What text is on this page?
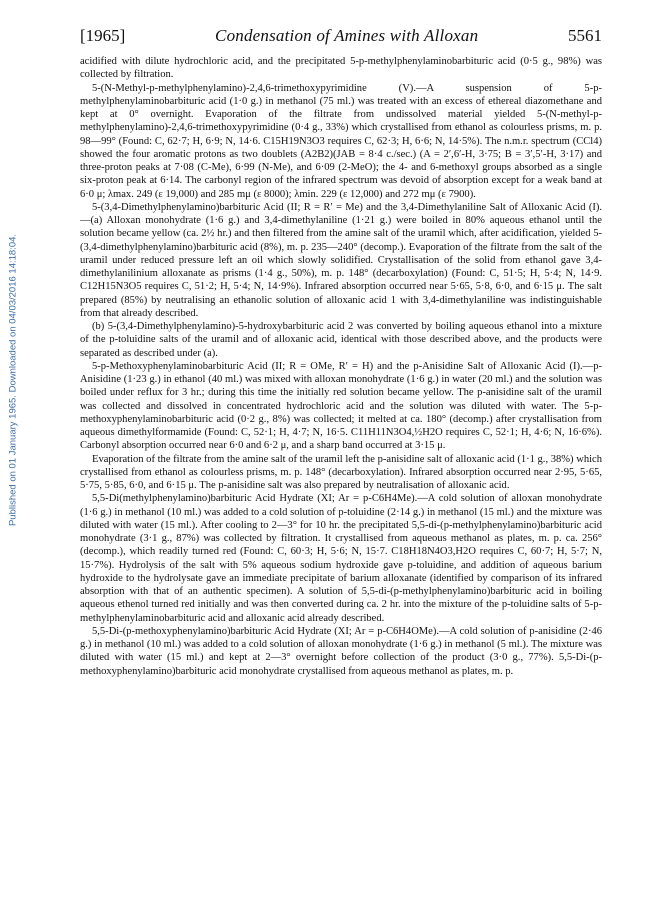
Published on 01 January 1965. Downloaded on 04/03/2016 14:18:04.
[1965]	Condensation of Amines with Alloxan	5561

acidified with dilute hydrochloric acid, and the precipitated 5-p-methylphenylaminobarbituric acid (0·5 g., 98%) was collected by filtration.

5-(N-Methyl-p-methylphenylamino)-2,4,6-trimethoxypyrimidine (V).—A suspension of 5-p-methylphenylaminobarbituric acid (1·0 g.) in methanol (75 ml.) was treated with an excess of ethereal diazomethane and kept at 0° overnight. Evaporation of the filtrate from undissolved material yielded 5-(N-methyl-p-methylphenylamino)-2,4,6-trimethoxypyrimidine (0·4 g., 33%) which crystallised from ethanol as colourless prisms, m. p. 98—99° (Found: C, 62·7; H, 6·9; N, 14·6. C15H19N3O3 requires C, 62·3; H, 6·6; N, 14·5%). The n.m.r. spectrum (CCl4) showed the four aromatic protons as two doublets (A2B2)(JAB = 8·4 c./sec.) (A = 2′,6′-H, 3·75; B = 3′,5′-H, 3·17) and three-proton peaks at 7·08 (C-Me), 6·99 (N-Me), and 6·09 (2-MeO); the 4- and 6-methoxyl groups absorbed as a single six-proton peak at 6·14. The carbonyl region of the infrared spectrum was devoid of absorption except for a weak band at 6·0 μ; λmax. 249 (ε 19,000) and 285 mμ (ε 8000); λmin. 229 (ε 12,000) and 272 mμ (ε 7900).

5-(3,4-Dimethylphenylamino)barbituric Acid (II; R = R′ = Me) and the 3,4-Dimethylaniline Salt of Alloxanic Acid (I).—(a) Alloxan monohydrate (1·6 g.) and 3,4-dimethylaniline (1·21 g.) were boiled in 80% aqueous ethanol until the solution became yellow (ca. 2½ hr.) and then filtered from the amine salt of the uramil which, after acidification, yielded 5-(3,4-dimethylphenylamino)barbituric acid (8%), m. p. 235—240° (decomp.). Evaporation of the filtrate from the salt of the uramil under reduced pressure left an oil which slowly solidified. Crystallisation of the solid from ethanol gave 3,4-dimethylanilinium alloxanate as prisms (1·4 g., 50%), m. p. 148° (decarboxylation) (Found: C, 51·5; H, 5·4; N, 14·9. C12H15N3O5 requires C, 51·2; H, 5·4; N, 14·9%). Infrared absorption occurred near 5·65, 5·8, 6·0, and 6·15 μ. The salt prepared (85%) by neutralising an ethanolic solution of alloxanic acid 1 with 3,4-dimethylaniline was indistinguishable from that already described.

(b) 5-(3,4-Dimethylphenylamino)-5-hydroxybarbituric acid 2 was converted by boiling aqueous ethanol into a mixture of the p-toluidine salts of the uramil and of alloxanic acid, identical with those described above, and the products were separated as described under (a).

5-p-Methoxyphenylaminobarbituric Acid (II; R = OMe, R′ = H) and the p-Anisidine Salt of Alloxanic Acid (I).—p-Anisidine (1·23 g.) in ethanol (40 ml.) was mixed with alloxan monohydrate (1·6 g.) in water (20 ml.) and the solution was boiled under reflux for 3 hr.; during this time the initially red solution became yellow. The p-anisidine salt of the uramil was collected and dissolved in concentrated hydrochloric acid and the solution was diluted with water. The 5-p-methoxyphenylaminobarbituric acid (0·2 g., 8%) was collected; it melted at ca. 180° (decomp.) after crystallisation from aqueous dimethylformamide (Found: C, 52·1; H, 4·7; N, 16·5. C11H11N3O4,½H2O requires C, 52·1; H, 4·6; N, 16·6%). Carbonyl absorption occurred near 6·0 and 6·2 μ, and a sharp band occurred at 3·15 μ.

Evaporation of the filtrate from the amine salt of the uramil left the p-anisidine salt of alloxanic acid (1·1 g., 38%) which crystallised from ethanol as colourless prisms, m. p. 148° (decarboxylation). Infrared absorption occurred near 2·95, 5·65, 5·75, 5·85, 6·0, and 6·15 μ. The p-anisidine salt was also prepared by neutralisation of alloxanic acid.

5,5-Di(methylphenylamino)barbituric Acid Hydrate (XI; Ar = p-C6H4Me).—A cold solution of alloxan monohydrate (1·6 g.) in methanol (10 ml.) was added to a cold solution of p-toluidine (2·14 g.) in methanol (15 ml.) and the mixture was diluted with water (15 ml.). After cooling to 2—3° for 10 hr. the precipitated 5,5-di-(p-methylphenylamino)barbituric acid monohydrate (3·1 g., 87%) was collected by filtration. It crystallised from aqueous methanol as plates, m. p. ca. 256° (decomp.), which readily turned red (Found: C, 60·3; H, 5·6; N, 15·7. C18H18N4O3,H2O requires C, 60·7; H, 5·7; N, 15·7%). Hydrolysis of the salt with 5% aqueous sodium hydroxide gave p-toluidine, and addition of aqueous barium hydroxide to the hydrolysate gave an immediate precipitate of barium alloxanate (identified by comparison of its infrared absorption with that of an authentic specimen). A solution of 5,5-di-(p-methylphenylamino)barbituric acid in boiling aqueous ethenol turned red initially and was then converted during ca. 2 hr. into the mixture of the p-toluidine salts of 5-p-methylphenylaminobarbituric acid and alloxanic acid already described.

5,5-Di-(p-methoxyphenylamino)barbituric Acid Hydrate (XI; Ar = p-C6H4OMe).—A cold solution of p-anisidine (2·46 g.) in methanol (10 ml.) was added to a cold solution of alloxan monohydrate (1·6 g.) in methanol (5 ml.). The mixture was diluted with water (15 ml.) and kept at 2—3° overnight before collection of the product (3·0 g., 77%). 5,5-Di-(p-methoxyphenylamino)barbituric acid monohydrate crystallised from aqueous methanol as plates, m. p.
